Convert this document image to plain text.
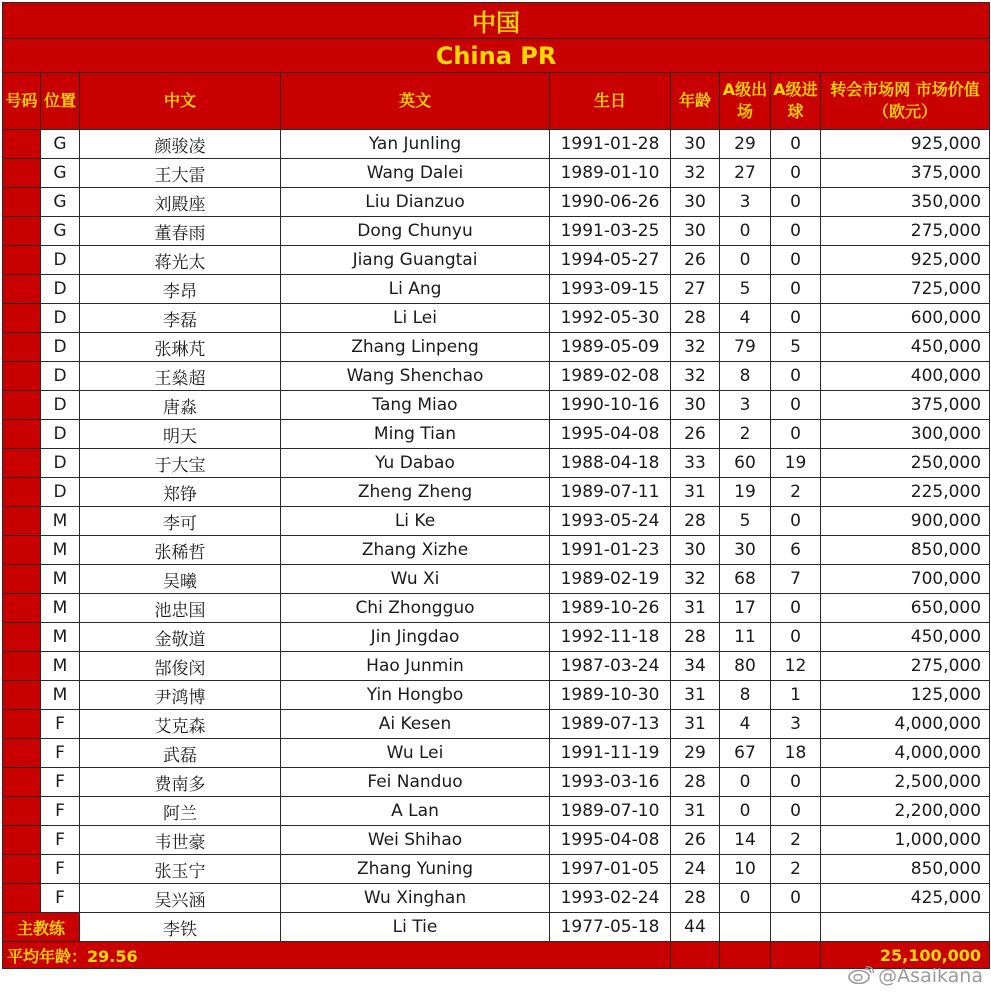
中国								
China PR								
号码	位置	中文	英文	生日	年龄	A级出场	A级进球	转会市场网 市场价值（欧元）
	G	颜骏凌	Yan Junling	1991-01-28	30	29	0	925,000
	G	王大雷	Wang Dalei	1989-01-10	32	27	0	375,000
	G	刘殿座	Liu Dianzuo	1990-06-26	30	3	0	350,000
	G	董春雨	Dong Chunyu	1991-03-25	30	0	0	275,000
	D	蒋光太	Jiang Guangtai	1994-05-27	26	0	0	925,000
	D	李昂	Li Ang	1993-09-15	27	5	0	725,000
	D	李磊	Li Lei	1992-05-30	28	4	0	600,000
	D	张琳芃	Zhang Linpeng	1989-05-09	32	79	5	450,000
	D	王燊超	Wang Shenchao	1989-02-08	32	8	0	400,000
	D	唐淼	Tang Miao	1990-10-16	30	3	0	375,000
	D	明天	Ming Tian	1995-04-08	26	2	0	300,000
	D	于大宝	Yu Dabao	1988-04-18	33	60	19	250,000
	D	郑铮	Zheng Zheng	1989-07-11	31	19	2	225,000
	M	李可	Li Ke	1993-05-24	28	5	0	900,000
	M	张稀哲	Zhang Xizhe	1991-01-23	30	30	6	850,000
	M	吴曦	Wu Xi	1989-02-19	32	68	7	700,000
	M	池忠国	Chi Zhongguo	1989-10-26	31	17	0	650,000
	M	金敬道	Jin Jingdao	1992-11-18	28	11	0	450,000
	M	郜俊闵	Hao Junmin	1987-03-24	34	80	12	275,000
	M	尹鸿博	Yin Hongbo	1989-10-30	31	8	1	125,000
	F	艾克森	Ai Kesen	1989-07-13	31	4	3	4,000,000
	F	武磊	Wu Lei	1991-11-19	29	67	18	4,000,000
	F	费南多	Fei Nanduo	1993-03-16	28	0	0	2,500,000
	F	阿兰	A Lan	1989-07-10	31	0	0	2,200,000
	F	韦世豪	Wei Shihao	1995-04-08	26	14	2	1,000,000
	F	张玉宁	Zhang Yuning	1997-01-05	24	10	2	850,000
	F	吴兴涵	Wu Xinghan	1993-02-24	28	0	0	425,000
主教练		李铁	Li Tie	1977-05-18	44			
平均年龄：29.56								25,100,000
@Asaikana
